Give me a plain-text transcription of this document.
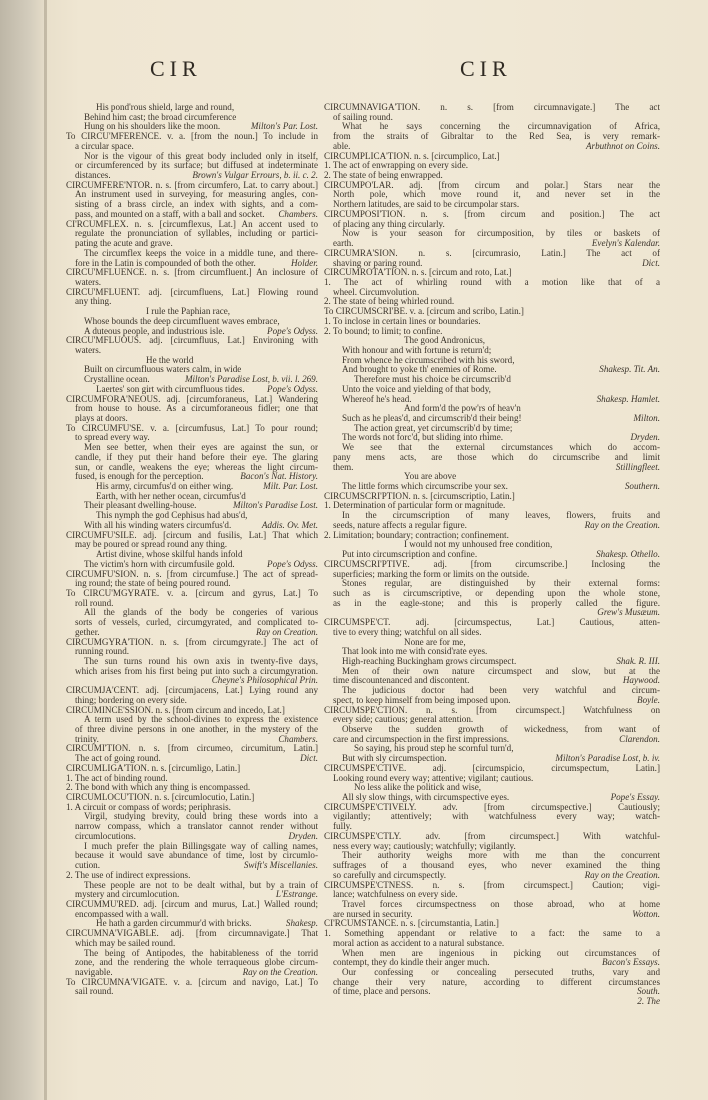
CIR	CIR
His pond'rous shield, large and round,
Behind him cast; the broad circumference
Hung on his shoulders like the moon.	Milton's Par. Lost.
To CIRCU'MFERENCE. v. a. [from the noun.] To include in
a circular space.
Nor is the vigour of this great body included only in itself,
or circumferenced by its surface; but diffused at indeterminate
distances.	Brown's Vulgar Errours, b. ii. c. 2.
CIRCUMFERE'NTOR. n. s. [from circumfero, Lat. to carry about.]
An instrument used in surveying, for measuring angles, con-
sisting of a brass circle, an index with sights, and a com-
pass, and mounted on a staff, with a ball and socket. Chambers.
CI'RCUMFLEX. n. s. [circumflexus, Lat.] An accent used to
regulate the pronunciation of syllables, including or partici-
pating the acute and grave.
The circumflex keeps the voice in a middle tune, and there-
fore in the Latin is compounded of both the other.	Holder.
CIRCU'MFLUENCE. n. s. [from circumfluent.] An inclosure of
waters.
CIRCU'MFLUENT. adj. [circumfluens, Lat.] Flowing round
any thing.
I rule the Paphian race,
Whose bounds the deep circumfluent waves embrace,
A duteous people, and industrious isle.	Pope's Odyss.
CIRCU'MFLUOUS. adj. [circumfluus, Lat.] Environing with
waters.
He the world
Built on circumfluous waters calm, in wide
Crystalline ocean.	Milton's Paradise Lost, b. vii. l. 269.
Laertes' son girt with circumfluous tides. Pope's Odyss.
CIRCUMFORA'NEOUS. adj. [circumforaneus, Lat.] Wandering
from house to house. As a circumforaneous fidler; one that
plays at doors.
To CIRCUMFU'SE. v. a. [circumfusus, Lat.] To pour round;
to spread every way.
Men see better, when their eyes are against the sun, or
candle, if they put their hand before their eye. The glaring
sun, or candle, weakens the eye; whereas the light circum-
fused, is enough for the perception.	Bacon's Nat. History.
His army, circumfus'd on either wing.	Milt. Par. Lost.
Earth, with her nether ocean, circumfus'd
Their pleasant dwelling-house.	Milton's Paradise Lost.
This nymph the god Cephisus had abus'd,
With all his winding waters circumfus'd.	Addis. Ov. Met.
CIRCUMFU'SILE. adj. [circum and fusilis, Lat.] That which
may be poured or spread round any thing.
Artist divine, whose skilful hands infold
The victim's horn with circumfusile gold.	Pope's Odyss.
CIRCUMFU'SION. n. s. [from circumfuse.] The act of spread-
ing round; the state of being poured round.
To CIRCU'MGYRATE. v. a. [circum and gyrus, Lat.] To
roll round.
All the glands of the body be congeries of various
sorts of vessels, curled, circumgyrated, and complicated to-
gether.	Ray on Creation.
CIRCUMGYRA'TION. n. s. [from circumgyrate.] The act of
running round.
The sun turns round his own axis in twenty-five days,
which arises from his first being put into such a circumgyration.
Cheyne's Philosophical Prin.
CIRCUMJA'CENT. adj. [circumjacens, Lat.] Lying round any
thing; bordering on every side.
CIRCUMINCE'SSION. n. s. [from circum and incedo, Lat.]
A term used by the school-divines to express the existence
of three divine persons in one another, in the mystery of the
trinity.	Chambers.
CIRCUMI'TION. n. s. [from circumeo, circumitum, Latin.]
The act of going round.	Dict.
CIRCUMLIGA'TION. n. s. [circumligo, Latin.]
1. The act of binding round.
2. The bond with which any thing is encompassed.
CIRCUMLOCU'TION. n. s. [circumlocutio, Latin.]
1. A circuit or compass of words; periphrasis.
Virgil, studying brevity, could bring these words into a
narrow compass, which a translator cannot render without
circumlocutions.	Dryden.
I much prefer the plain Billingsgate way of calling names,
because it would save abundance of time, lost by circumlo-
cution.	Swift's Miscellanies.
2. The use of indirect expressions.
These people are not to be dealt withal, but by a train of
mystery and circumlocution.	L'Estrange.
CIRCUMMU'RED. adj. [circum and murus, Lat.] Walled round;
encompassed with a wall.
He hath a garden circummur'd with bricks.	Shakesp.
CIRCUMNA'VIGABLE. adj. [from circumnavigate.] That
which may be sailed round.
The being of Antipodes, the habitableness of the torrid
zone, and the rendering the whole terraqueous globe circum-
navigable.	Ray on the Creation.
To CIRCUMNA'VIGATE. v. a. [circum and navigo, Lat.] To
sail round.
CIRCUMNAVIGA'TION. n. s. [from circumnavigate.] The act
of sailing round.
What he says concerning the circumnavigation of Africa,
from the straits of Gibraltar to the Red Sea, is very remark-
able.	Arbuthnot on Coins.
CIRCUMPLICA'TION. n. s. [circumplico, Lat.]
1. The act of enwrapping on every side.
2. The state of being enwrapped.
CIRCUMPO'LAR. adj. [from circum and polar.] Stars near the
North pole, which move round it, and never set in the
Northern latitudes, are said to be circumpolar stars.
CIRCUMPOSI'TION. n. s. [from circum and position.] The act
of placing any thing circularly.
Now is your season for circumposition, by tiles or baskets of
earth.	Evelyn's Kalendar.
CIRCUMRA'SION. n. s. [circumrasio, Latin.] The act of
shaving or paring round.	Dict.
CIRCUMROTA'TION. n. s. [circum and roto, Lat.]
1. The act of whirling round with a motion like that of a
wheel. Circumvolution.
2. The state of being whirled round.
To CIRCUMSCRI'BE. v. a. [circum and scribo, Latin.]
1. To inclose in certain lines or boundaries.
2. To bound; to limit; to confine.
The good Andronicus,
With honour and with fortune is return'd;
From whence he circumscribed with his sword,
And brought to yoke th' enemies of Rome.	Shakesp. Tit. An.
Therefore must his choice be circumscrib'd
Unto the voice and yielding of that body,
Whereof he's head.	Shakesp. Hamlet.
And form'd the pow'rs of heav'n
Such as he pleas'd, and circumscrib'd their being!	Milton.
The action great, yet circumscrib'd by time;
The words not forc'd, but sliding into rhime.	Dryden.
We see that the external circumstances which do accom-
pany mens acts, are those which do circumscribe and limit
them.	Stillingfleet.
You are above
The little forms which circumscribe your sex.	Southern.
CIRCUMSCRI'PTION. n. s. [circumscriptio, Latin.]
1. Determination of particular form or magnitude.
In the circumscription of many leaves, flowers, fruits and
seeds, nature affects a regular figure.	Ray on the Creation.
2. Limitation; boundary; contraction; confinement.
I would not my unhoused free condition,
Put into circumscription and confine.	Shakesp. Othello.
CIRCUMSCRI'PTIVE. adj. [from circumscribe.] Inclosing the
superficies; marking the form or limits on the outside.
Stones regular, are distinguished by their external forms:
such as is circumscriptive, or depending upon the whole stone,
as in the eagle-stone; and this is properly called the figure.
Grew's Musæum.
CIRCUMSPE'CT. adj. [circumspectus, Lat.] Cautious, atten-
tive to every thing; watchful on all sides.
None are for me,
That look into me with consid'rate eyes.
High-reaching Buckingham grows circumspect.	Shak. R. III.
Men of their own nature circumspect and slow, but at the
time discountenanced and discontent.	Haywood.
The judicious doctor had been very watchful and circum-
spect, to keep himself from being imposed upon.	Boyle.
CIRCUMSPE'CTION. n. s. [from circumspect.] Watchfulness on
every side; cautious; general attention.
Observe the sudden growth of wickedness, from want of
care and circumspection in the first impressions.	Clarendon.
So saying, his proud step he scornful turn'd,
But with sly circumspection.	Milton's Paradise Lost, b. iv.
CIRCUMSPE'CTIVE. adj. [circumspicio, circumspectum, Latin.]
Looking round every way; attentive; vigilant; cautious.
No less alike the politick and wise,
All sly slow things, with circumspective eyes.	Pope's Essay.
CIRCUMSPE'CTIVELY. adv. [from circumspective.] Cautiously;
vigilantly; attentively; with watchfulness every way; watch-
fully.
CIRCUMSPE'CTLY. adv. [from circumspect.] With watchful-
ness every way; cautiously; watchfully; vigilantly.
Their authority weighs more with me than the concurrent
suffrages of a thousand eyes, who never examined the thing
so carefully and circumspectly.	Ray on the Creation.
CIRCUMSPE'CTNESS. n. s. [from circumspect.] Caution; vigi-
lance; watchfulness on every side.
Travel forces circumspectness on those abroad, who at home
are nursed in security.	Wotton.
CI'RCUMSTANCE. n. s. [circumstantia, Latin.]
1. Something appendant or relative to a fact: the same to a
moral action as accident to a natural substance.
When men are ingenious in picking out circumstances of
contempt, they do kindle their anger much.	Bacon's Essays.
Our confessing or concealing persecuted truths, vary and
change their very nature, according to different circumstances
of time, place and persons.	South.
2. The
